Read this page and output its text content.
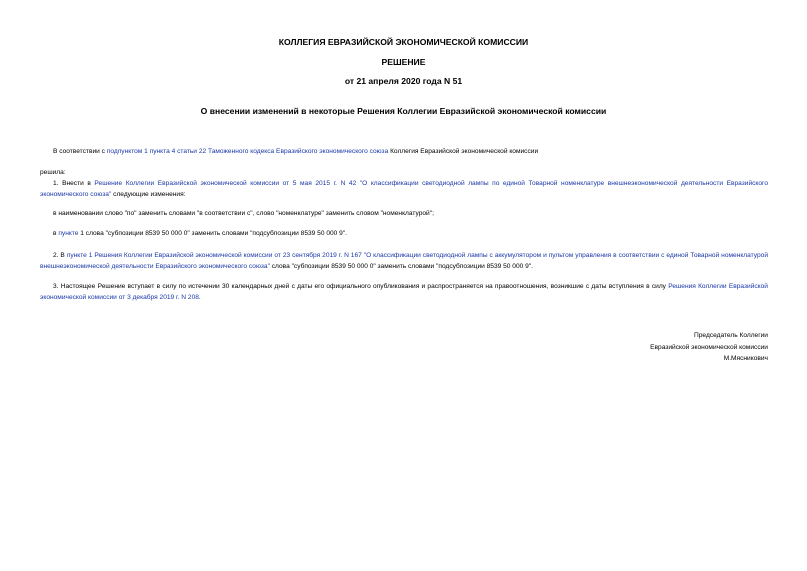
КОЛЛЕГИЯ ЕВРАЗИЙСКОЙ ЭКОНОМИЧЕСКОЙ КОМИССИИ
РЕШЕНИЕ
от 21 апреля 2020 года N 51
О внесении изменений в некоторые Решения Коллегии Евразийской экономической комиссии
В соответствии с подпунктом 1 пункта 4 статьи 22 Таможенного кодекса Евразийского экономического союза Коллегия Евразийской экономической комиссии
решила:
1. Внести в Решение Коллегии Евразийской экономической комиссии от 5 мая 2015 г. N 42 "О классификации светодиодной лампы по единой Товарной номенклатуре внешнеэкономической деятельности Евразийского экономического союза" следующие изменения:
в наименовании слово "по" заменить словами "в соответствии с", слово "номенклатуре" заменить словом "номенклатурой";
в пункте 1 слова "субпозиции 8539 50 000 0" заменить словами "подсубпозиции 8539 50 000 9".
2. В пункте 1 Решения Коллегии Евразийской экономической комиссии от 23 сентября 2019 г. N 167 "О классификации светодиодной лампы с аккумулятором и пультом управления в соответствии с единой Товарной номенклатурой внешнеэкономической деятельности Евразийского экономического союза" слова "субпозиции 8539 50 000 0" заменить словами "подсубпозиции 8539 50 000 9".
3. Настоящее Решение вступает в силу по истечении 30 календарных дней с даты его официального опубликования и распространяется на правоотношения, возникшие с даты вступления в силу Решения Коллегии Евразийской экономической комиссии от 3 декабря 2019 г. N 208.
Председатель Коллегии
Евразийской экономической комиссии
М.Мясникович
